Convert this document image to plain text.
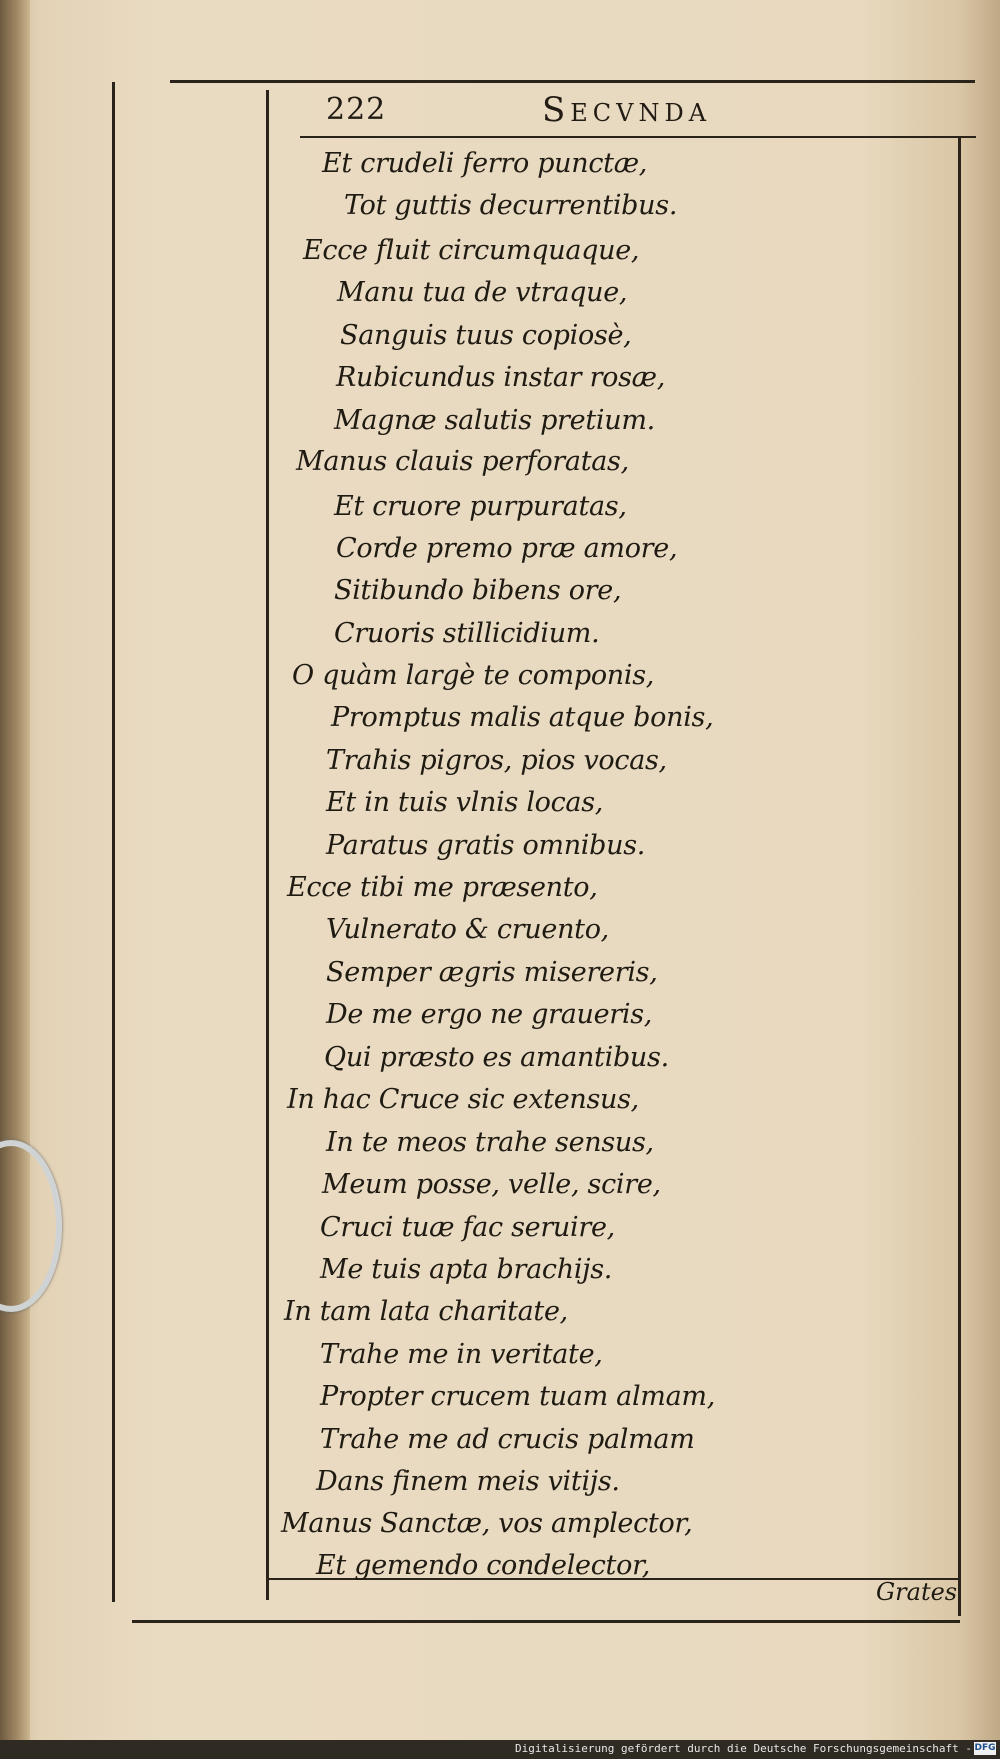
222	Secvnda
Et crudeli ferro punctæ,
Tot guttis decurrentibus.
Ecce fluit circumquaque,
Manu tua de vtraque,
Sanguis tuus copiosè,
Rubicundus instar rosæ,
Magnæ salutis pretium.
Manus clauis perforatas,
Et cruore purpuratas,
Corde premo præ amore,
Sitibundo bibens ore,
Cruoris stillicidium.
O quàm largè te componis,
Promptus malis atque bonis,
Trahis pigros, pios vocas,
Et in tuis vlnis locas,
Paratus gratis omnibus.
Ecce tibi me præsento,
Vulnerato & cruento,
Semper ægris misereris,
De me ergo ne graueris,
Qui præsto es amantibus.
In hac Cruce sic extensus,
In te meos trahe sensus,
Meum posse, velle, scire,
Cruci tuæ fac seruire,
Me tuis apta brachijs.
In tam lata charitate,
Trahe me in veritate,
Propter crucem tuam almam,
Trahe me ad crucis palmam
Dans finem meis vitijs.
Manus Sanctæ, vos amplector,
Et gemendo condelector,
Grates
Digitalisierung gefördert durch die Deutsche Forschungsgemeinschaft - DFG
